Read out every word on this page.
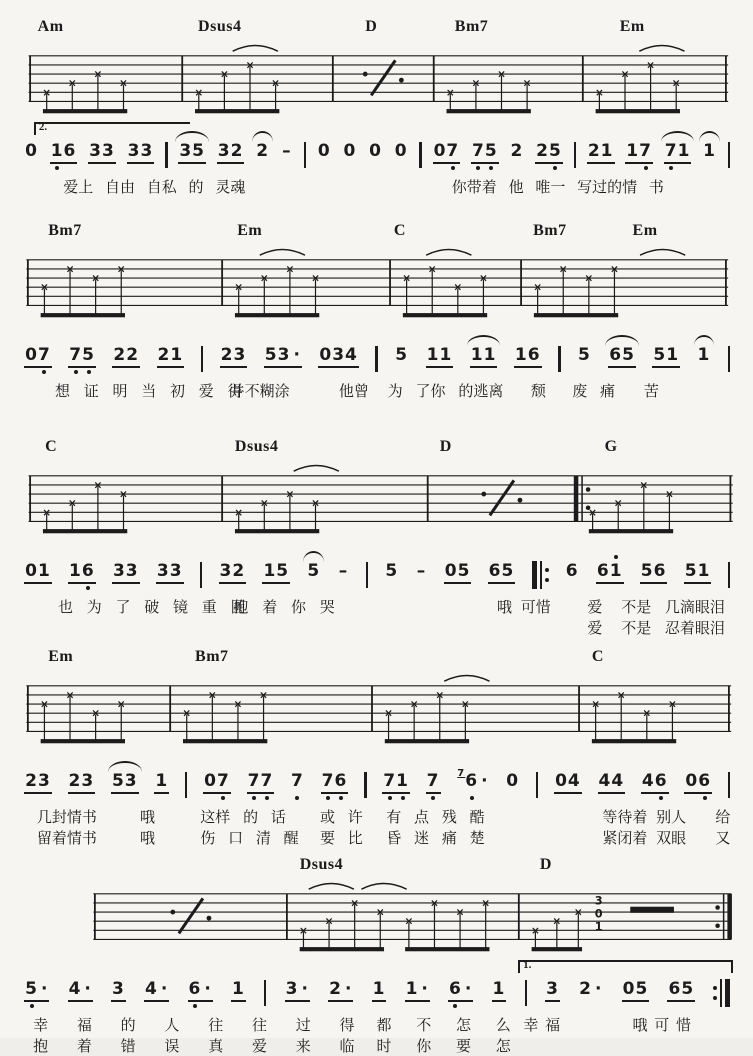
Am	Dsus4	D	Bm7	Em
×
×
×
×
×
×
×
×
×
×
×
×
×
×
×
×
2.
0 1 6 3 3 3 3 3 5 3 2 2 – 0 0 0 0 0 7 7 5 2 2 5 2 1 1 7 7 1 1
爱上 自由 自私 的 灵魂	你带着 他 唯一 写过的情 书
Bm7	Em	C	Bm7	Em
×
×
×
×
×
×
×
×	×
×
×
×
×
×
×
×
0 7 7 5 2 2 2 1 2 3 5 3 · 0 3 4 5 1 1 1 1 1 6 5 6 5 5 1 1
想 证 明 当 初 爱 得
并不糊涂	他曾 为 了你 的逃离 颓 废 痛 苦
C	Dsus4	D	G
×
×
×
×
×
×
×
×
×
×
×
×
0 1 1 6 3 3 3 3 3 2 1 5 5 – 5 – 0 5 6 5	6 6 1 5 6 5 1
也 为 了 破 镜 重 圆
抱 着 你 哭	哦 可惜 爱 不是 几滴眼泪
爱 不是 忍着眼泪
Em	Bm7	C
×
×
×
×
×
×
×
×
×
×
×
×	×
×
×
×
2 3 2 3 5 3 1 0 7 7 7 7 7 6 7 1 7 7 6 · 0 0 4 4 4 4 6 0 6
几封情书	哦	这样 的 话 或 许 有 点 残 酷	等待着 别人 给
留着情书	哦	伤 口 清 醒 要 比 昏 迷 痛 楚	紧闭着 双眼 又
Dsus4	D
×
×
×
×
×
×
×
×
×
×
×
3
0
1
1.
5 · 4 · 3 4 · 6 · 1 3 · 2 · 1 1 · 6 · 1 3 2 · 0 5 6 5
幸 福 的 人 往 往 过 得 都 不 怎 么 幸 福	哦 可 惜
抱 着 错 误 真 爱 来 临 时 你 要 怎
